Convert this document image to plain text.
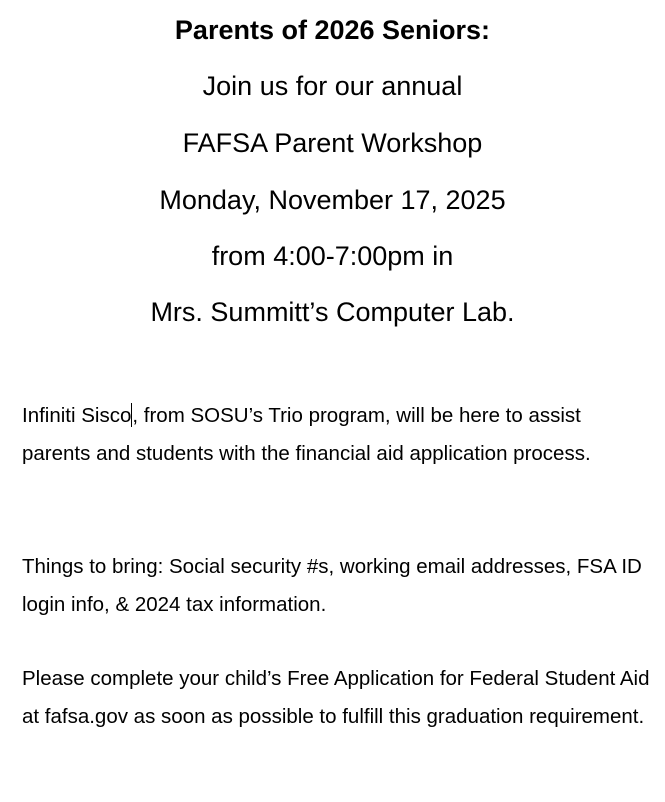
Parents of 2026 Seniors:
Join us for our annual
FAFSA Parent Workshop
Monday, November 17, 2025
from 4:00-7:00pm in
Mrs. Summitt’s Computer Lab.
Infiniti Sisco, from SOSU’s Trio program, will be here to assist parents and students with the financial aid application process.
Things to bring: Social security #s, working email addresses, FSA ID login info, & 2024 tax information.
Please complete your child’s Free Application for Federal Student Aid at fafsa.gov as soon as possible to fulfill this graduation requirement.
